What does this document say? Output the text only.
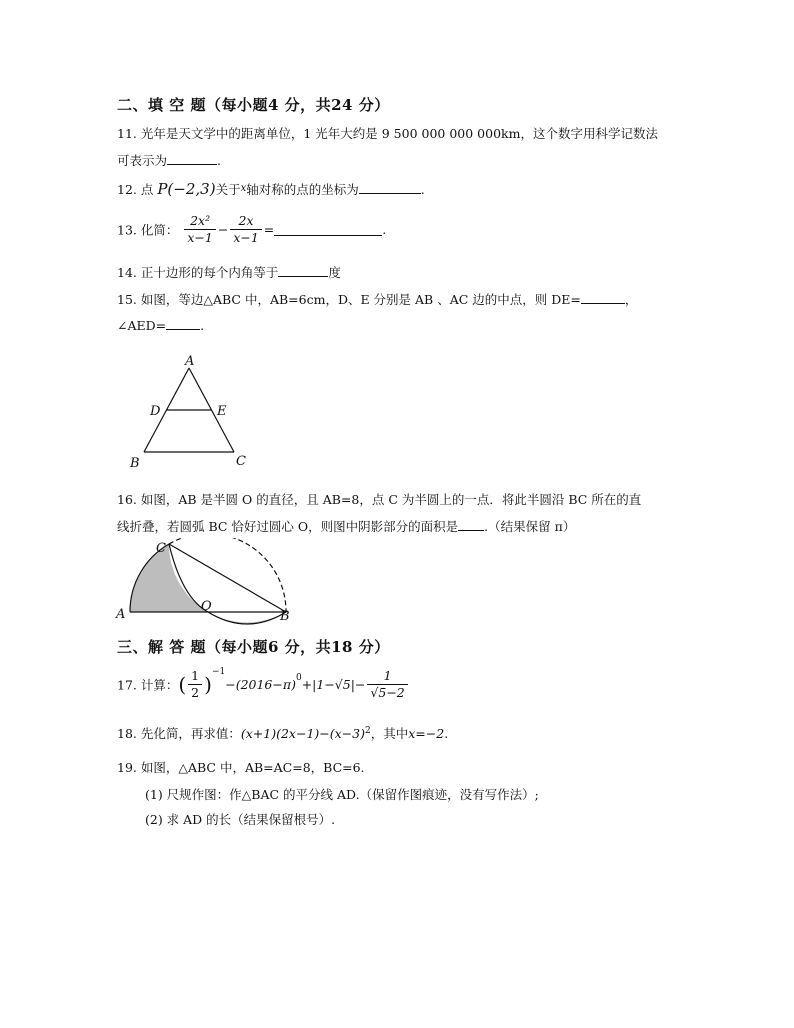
二、填 空 题（每小题4 分，共24 分）
11. 光年是天文学中的距离单位，1 光年大约是 9 500 000 000 000km，这个数字用科学记数法
可表示为	.
12. 点 P(−2,3)关于$^x$轴对称的点的坐标为	.
13. 化简： $\frac{\text{2x²}}{x-1} - \frac{2x}{x-1}$ =	.
14. 正十边形的每个内角等于	度
15. 如图，等边△ABC 中，AB=6cm，D、E 分别是 AB 、AC 边的中点，则 DE=	，
∠AED=	.
A
D	E
B	C
16. 如图，AB 是半圆 O 的直径，且 AB=8，点 C 为半圆上的一点．将此半圆沿 BC 所在的直
线折叠，若圆弧 BC 恰好过圆心 O，则图中阴影部分的面积是 .（结果保留 π）
C
A
O
B
三、解 答 题（每小题6 分，共18 分）
17. 计算：( $\frac{1}{2} )^{-1}-(2016-\pi)^0+|1-√5|- \frac{1}{√5-2}$
18. 先化简，再求值：$(x+1)(2x-1)-(x-3)^2$，其中x=−2.
19. 如图，△ABC 中，AB=AC=8，BC=6.
(1) 尺规作图：作△BAC 的平分线 AD.（保留作图痕迹，没有写作法）;
(2) 求 AD 的长（结果保留根号）.
